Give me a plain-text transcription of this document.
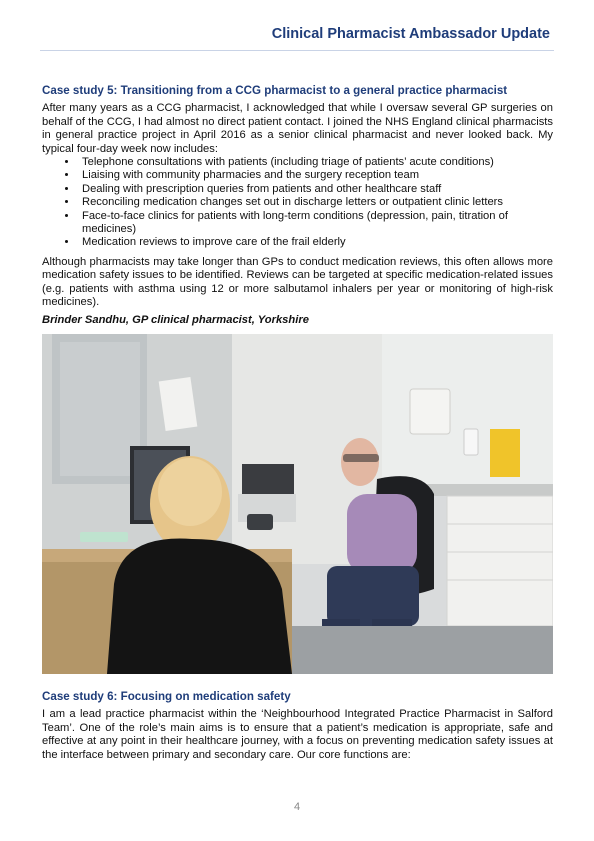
Clinical Pharmacist Ambassador Update
Case study 5: Transitioning from a CCG pharmacist to a general practice pharmacist

After many years as a CCG pharmacist, I acknowledged that while I oversaw several GP surgeries on behalf of the CCG, I had almost no direct patient contact. I joined the NHS England clinical pharmacists in general practice project in April 2016 as a senior clinical pharmacist and never looked back. My typical four-day week now includes:

• Telephone consultations with patients (including triage of patients’ acute conditions)
• Liaising with community pharmacies and the surgery reception team
• Dealing with prescription queries from patients and other healthcare staff
• Reconciling medication changes set out in discharge letters or outpatient clinic letters
• Face-to-face clinics for patients with long-term conditions (depression, pain, titration of medicines)
• Medication reviews to improve care of the frail elderly

Although pharmacists may take longer than GPs to conduct medication reviews, this often allows more medication safety issues to be identified. Reviews can be targeted at specific medication-related issues (e.g. patients with asthma using 12 or more salbutamol inhalers per year or monitoring of high-risk medicines).

Brinder Sandhu, GP clinical pharmacist, Yorkshire

Case study 6: Focusing on medication safety

I am a lead practice pharmacist within the ‘Neighbourhood Integrated Practice Pharmacist in Salford Team’. One of the role’s main aims is to ensure that a patient’s medication is appropriate, safe and effective at any point in their healthcare journey, with a focus on preventing medication safety issues at the interface between primary and secondary care. Our core functions are:

4
